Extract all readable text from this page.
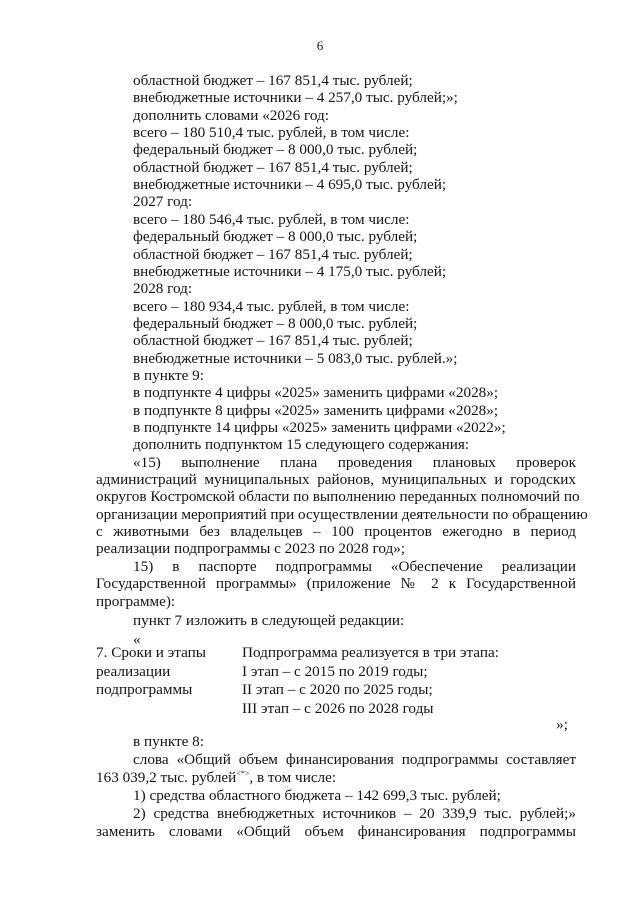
6
областной бюджет – 167 851,4 тыс. рублей;
внебюджетные источники – 4 257,0 тыс. рублей;»;
дополнить словами «2026 год:
всего – 180 510,4 тыс. рублей, в том числе:
федеральный бюджет – 8 000,0 тыс. рублей;
областной бюджет – 167 851,4 тыс. рублей;
внебюджетные источники – 4 695,0 тыс. рублей;
2027 год:
всего – 180 546,4 тыс. рублей, в том числе:
федеральный бюджет – 8 000,0 тыс. рублей;
областной бюджет – 167 851,4 тыс. рублей;
внебюджетные источники – 4 175,0 тыс. рублей;
2028 год:
всего – 180 934,4 тыс. рублей, в том числе:
федеральный бюджет – 8 000,0 тыс. рублей;
областной бюджет – 167 851,4 тыс. рублей;
внебюджетные источники – 5 083,0 тыс. рублей.»;
в пункте 9:
в подпункте 4 цифры «2025» заменить цифрами «2028»;
в подпункте 8 цифры «2025» заменить цифрами «2028»;
в подпункте 14 цифры «2025» заменить цифрами «2022»;
дополнить подпунктом 15 следующего содержания:
«15) выполнение плана проведения плановых проверок
администраций муниципальных районов, муниципальных и городских
округов Костромской области по выполнению переданных полномочий по
организации мероприятий при осуществлении деятельности по обращению
с животными без владельцев – 100 процентов ежегодно в период
реализации подпрограммы с 2023 по 2028 год»;
»;
15) в паспорте подпрограммы «Обеспечение реализации
Государственной программы» (приложение № 2 к Государственной
программе):
пункт 7 изложить в следующей редакции:
«
7. Сроки и этапы
реализации
подпрограммы
Подпрограмма реализуется в три этапа:
I этап – с 2015 по 2019 годы;
II этап – с 2020 по 2025 годы;
III этап – с 2026 по 2028 годы
в пункте 8:
слова «Общий объем финансирования подпрограммы составляет
163 039,2 тыс. рублей<*>, в том числе:
1) средства областного бюджета – 142 699,3 тыс. рублей;
2) средства внебюджетных источников – 20 339,9 тыс. рублей;»
заменить словами «Общий объем финансирования подпрограммы
